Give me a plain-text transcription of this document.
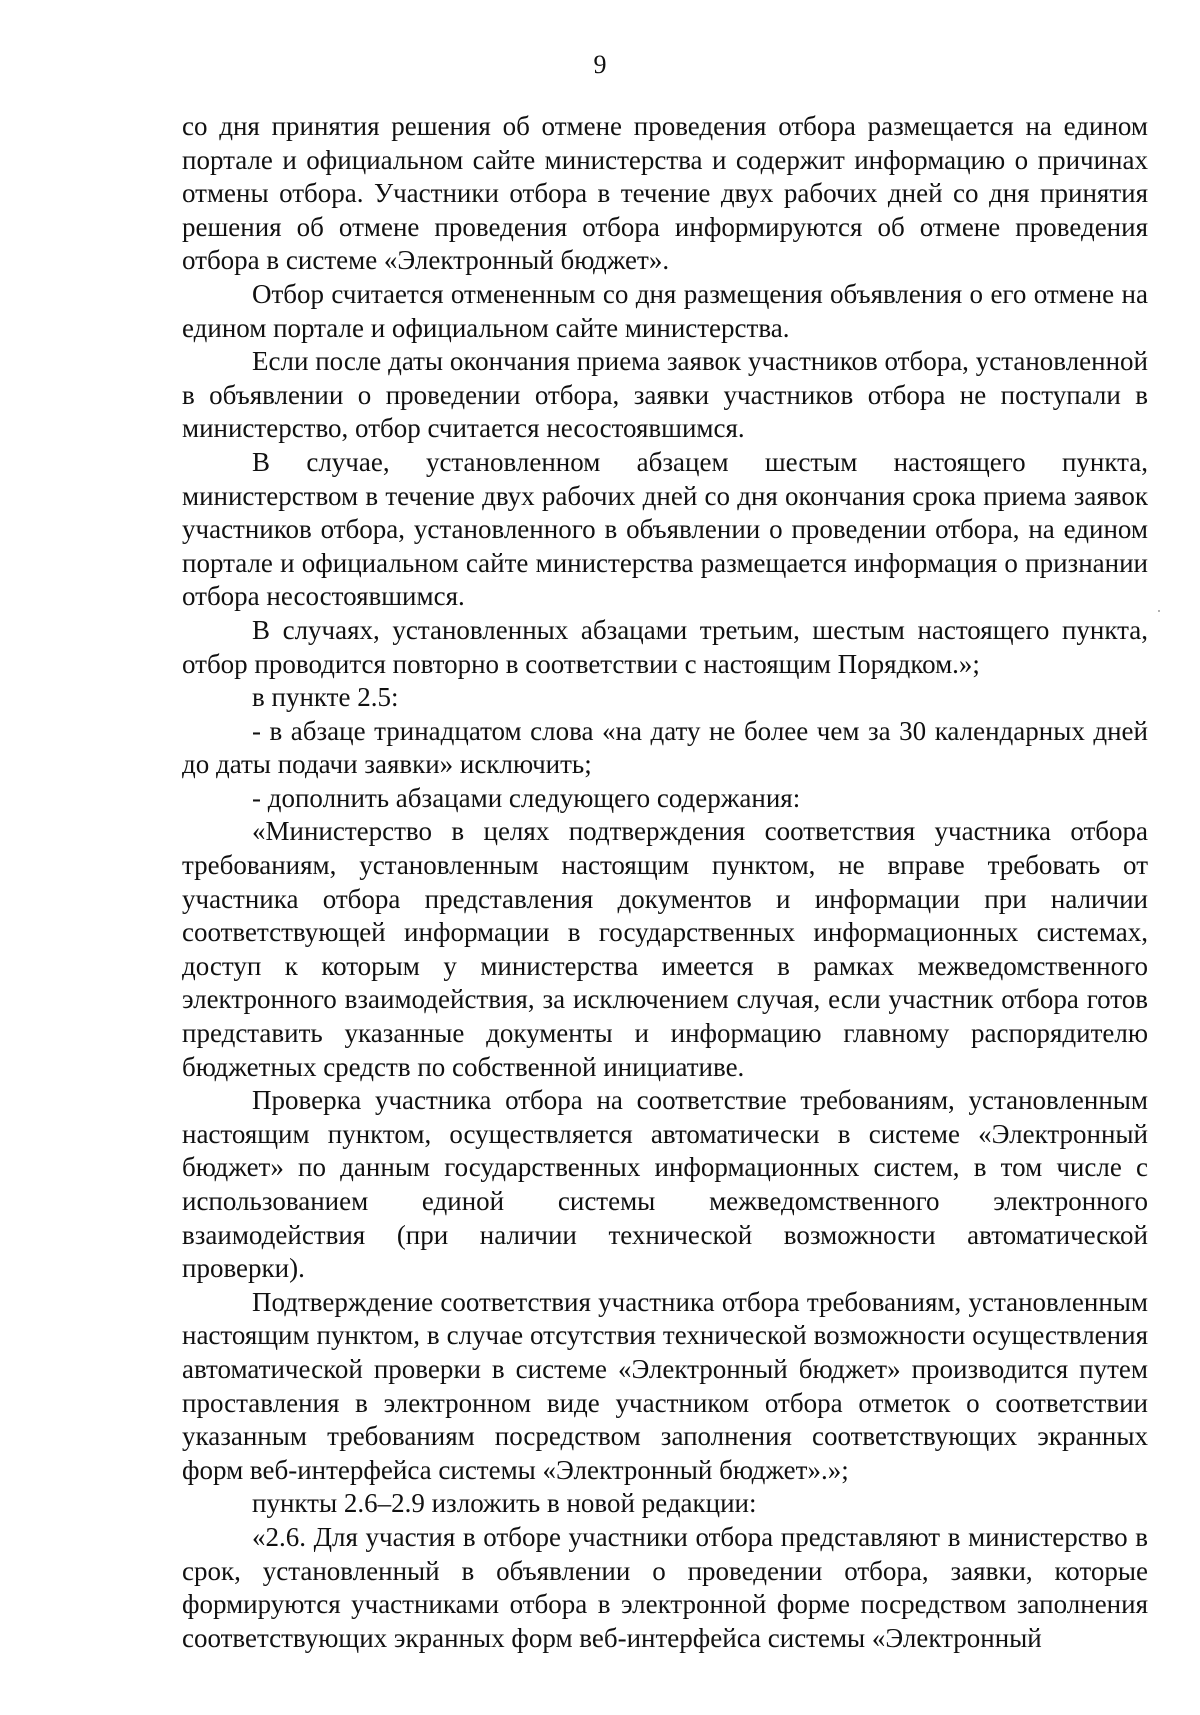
9

со дня принятия решения об отмене проведения отбора размещается на едином портале и официальном сайте министерства и содержит информацию о причинах отмены отбора. Участники отбора в течение двух рабочих дней со дня принятия решения об отмене проведения отбора информируются об отмене проведения отбора в системе «Электронный бюджет».

Отбор считается отмененным со дня размещения объявления о его отмене на едином портале и официальном сайте министерства.

Если после даты окончания приема заявок участников отбора, установленной в объявлении о проведении отбора, заявки участников отбора не поступали в министерство, отбор считается несостоявшимся.

В случае, установленном абзацем шестым настоящего пункта, министерством в течение двух рабочих дней со дня окончания срока приема заявок участников отбора, установленного в объявлении о проведении отбора, на едином портале и официальном сайте министерства размещается информация о признании отбора несостоявшимся.

В случаях, установленных абзацами третьим, шестым настоящего пункта, отбор проводится повторно в соответствии с настоящим Порядком.»;

в пункте 2.5:

- в абзаце тринадцатом слова «на дату не более чем за 30 календарных дней до даты подачи заявки» исключить;

- дополнить абзацами следующего содержания:

«Министерство в целях подтверждения соответствия участника отбора требованиям, установленным настоящим пунктом, не вправе требовать от участника отбора представления документов и информации при наличии соответствующей информации в государственных информационных системах, доступ к которым у министерства имеется в рамках межведомственного электронного взаимодействия, за исключением случая, если участник отбора готов представить указанные документы и информацию главному распорядителю бюджетных средств по собственной инициативе.

Проверка участника отбора на соответствие требованиям, установленным настоящим пунктом, осуществляется автоматически в системе «Электронный бюджет» по данным государственных информационных систем, в том числе с использованием единой системы межведомственного электронного взаимодействия (при наличии технической возможности автоматической проверки).

Подтверждение соответствия участника отбора требованиям, установленным настоящим пунктом, в случае отсутствия технической возможности осуществления автоматической проверки в системе «Электронный бюджет» производится путем проставления в электронном виде участником отбора отметок о соответствии указанным требованиям посредством заполнения соответствующих экранных форм веб-интерфейса системы «Электронный бюджет».»;

пункты 2.6–2.9 изложить в новой редакции:

«2.6. Для участия в отборе участники отбора представляют в министерство в срок, установленный в объявлении о проведении отбора, заявки, которые формируются участниками отбора в электронной форме посредством заполнения соответствующих экранных форм веб-интерфейса системы «Электронный
